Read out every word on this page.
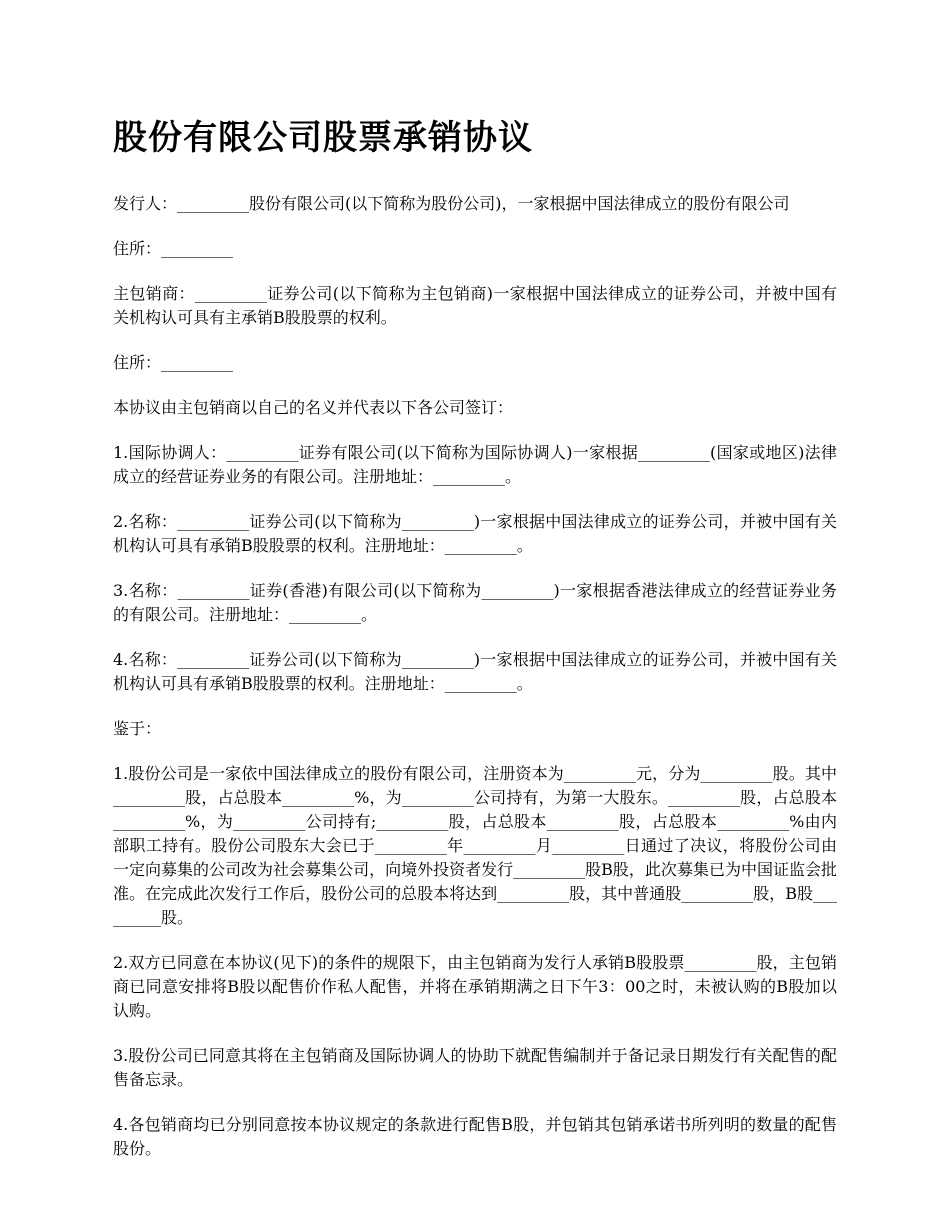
股份有限公司股票承销协议

发行人：_________股份有限公司(以下简称为股份公司)，一家根据中国法律成立的股份有限公司

住所：_________

主包销商：_________证券公司(以下简称为主包销商)一家根据中国法律成立的证券公司，并被中国有关机构认可具有主承销B股股票的权利。

住所：_________

本协议由主包销商以自己的名义并代表以下各公司签订：

1.国际协调人：_________证券有限公司(以下简称为国际协调人)一家根据_________(国家或地区)法律成立的经营证券业务的有限公司。注册地址：_________。

2.名称：_________证券公司(以下简称为_________)一家根据中国法律成立的证券公司，并被中国有关机构认可具有承销B股股票的权利。注册地址：_________。

3.名称：_________证券(香港)有限公司(以下简称为_________)一家根据香港法律成立的经营证券业务的有限公司。注册地址：_________。

4.名称：_________证券公司(以下简称为_________)一家根据中国法律成立的证券公司，并被中国有关机构认可具有承销B股股票的权利。注册地址：_________。

鉴于：

1.股份公司是一家依中国法律成立的股份有限公司，注册资本为_________元，分为_________股。其中_________股，占总股本_________%，为_________公司持有，为第一大股东。_________股，占总股本_________%，为_________公司持有;_________股，占总股本_________股，占总股本_________%由内部职工持有。股份公司股东大会已于_________年_________月_________日通过了决议，将股份公司由一定向募集的公司改为社会募集公司，向境外投资者发行_________股B股，此次募集已为中国证监会批准。在完成此次发行工作后，股份公司的总股本将达到_________股，其中普通股_________股，B股_________股。

2.双方已同意在本协议(见下)的条件的规限下，由主包销商为发行人承销B股股票_________股，主包销商已同意安排将B股以配售价作私人配售，并将在承销期满之日下午3：00之时，未被认购的B股加以认购。

3.股份公司已同意其将在主包销商及国际协调人的协助下就配售编制并于备记录日期发行有关配售的配售备忘录。

4.各包销商均已分别同意按本协议规定的条款进行配售B股，并包销其包销承诺书所列明的数量的配售股份。
